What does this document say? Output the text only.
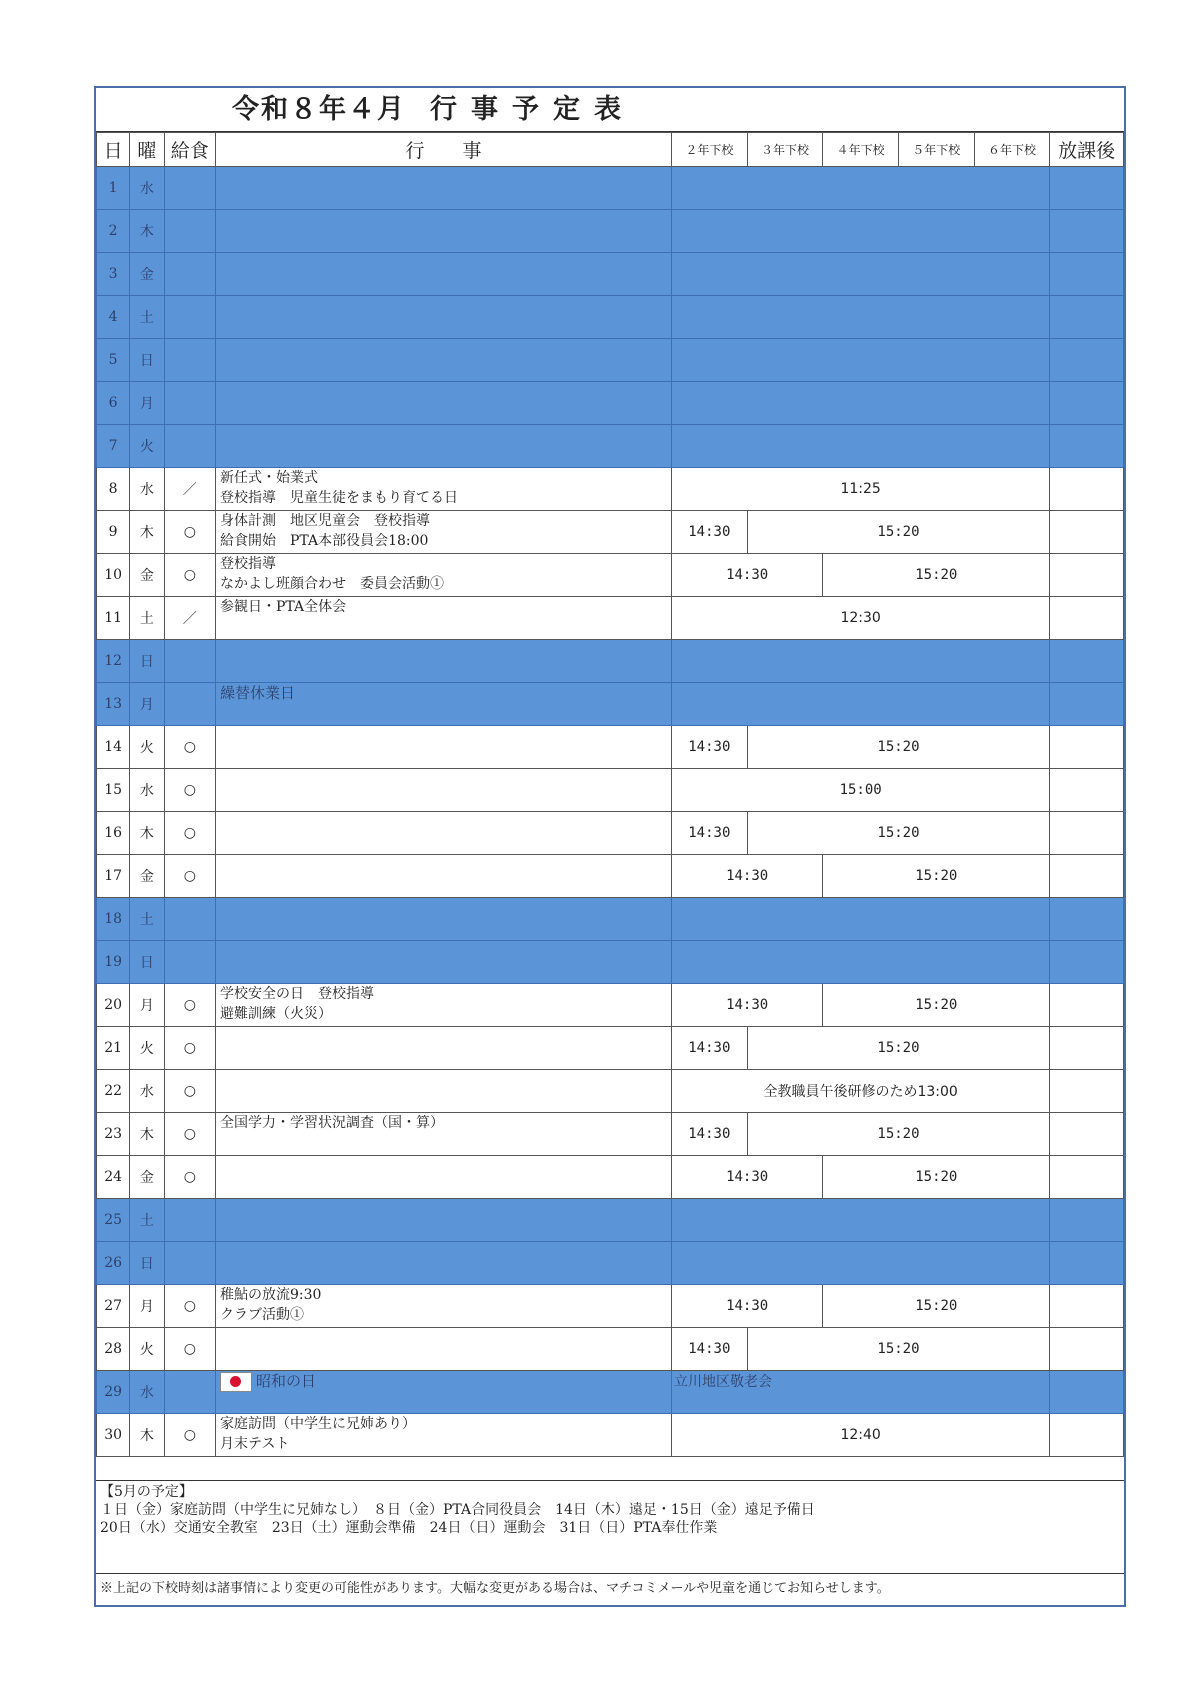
令和８年４月 行事予定表
日	曜	給食	行　　事	２年下校	３年下校	４年下校	５年下校	６年下校	放課後
1	水								
2	木								
3	金								
4	土								
5	日								
6	月								
7	火								
8	水	／	新任式・始業式
登校指導　児童生徒をまもり育てる日	11:25					
9	木	○	身体計測　地区児童会　登校指導
給食開始　PTA本部役員会18:00	14:30	15:20				
10	金	○	登校指導
なかよし班顔合わせ　委員会活動①	14:30		15:20			
11	土	／	参観日・PTA全体会	12:30					
12	日								
13	月		繰替休業日						
14	火	○		14:30	15:20				
15	水	○		15:00					
16	木	○		14:30	15:20				
17	金	○		14:30		15:20			
18	土								
19	日								
20	月	○	学校安全の日　登校指導
避難訓練（火災）	14:30		15:20			
21	火	○		14:30	15:20				
22	水	○		全教職員午後研修のため13:00					
23	木	○	全国学力・学習状況調査（国・算）	14:30	15:20				
24	金	○		14:30		15:20			
25	土								
26	日								
27	月	○	稚鮎の放流9:30
クラブ活動①	14:30		15:20			
28	火	○		14:30	15:20				
29	水		昭和の日	立川地区敬老会					
30	木	○	家庭訪問（中学生に兄姉あり）
月末テスト	12:40					
【5月の予定】
１日（金）家庭訪問（中学生に兄姉なし）　８日（金）PTA合同役員会　14日（木）遠足・15日（金）遠足予備日
20日（水）交通安全教室　23日（土）運動会準備　24日（日）運動会　31日（日）PTA奉仕作業
※上記の下校時刻は諸事情により変更の可能性があります。大幅な変更がある場合は、マチコミメールや児童を通じてお知らせします。
